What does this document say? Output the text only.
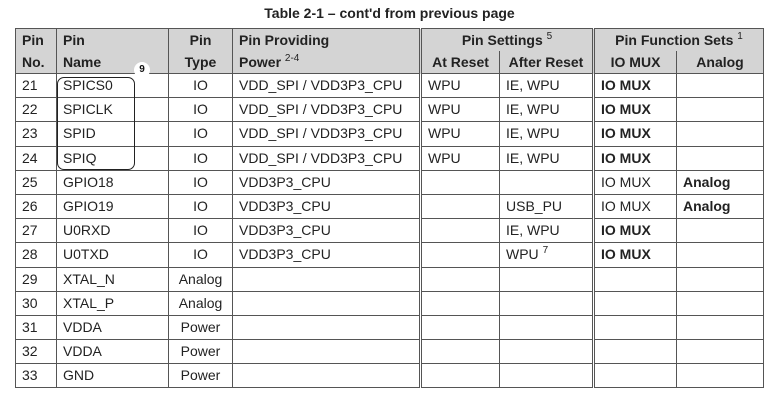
Table 2-1 – cont'd from previous page
Pin	Pin	Pin	Pin Providing	Pin Settings $^5$		Pin Function Sets $^1$
No.	Name	Type	Power $^{2-4}$	At Reset	After Reset	IO MUX	Analog
21	SPICS0	IO	VDD_SPI / VDD3P3_CPU	WPU	IE, WPU	IO MUX	
22	SPICLK	IO	VDD_SPI / VDD3P3_CPU	WPU	IE, WPU	IO MUX	
23	SPID	IO	VDD_SPI / VDD3P3_CPU	WPU	IE, WPU	IO MUX	
24	SPIQ	IO	VDD_SPI / VDD3P3_CPU	WPU	IE, WPU	IO MUX	
25	GPIO18	IO	VDD3P3_CPU			IO MUX	Analog
26	GPIO19	IO	VDD3P3_CPU		USB_PU	IO MUX	Analog
27	U0RXD	IO	VDD3P3_CPU		IE, WPU	IO MUX	
28	U0TXD	IO	VDD3P3_CPU		WPU $^7$	IO MUX	
29	XTAL_N	Analog					
30	XTAL_P	Analog					
31	VDDA	Power					
32	VDDA	Power					
33	GND	Power					
9
